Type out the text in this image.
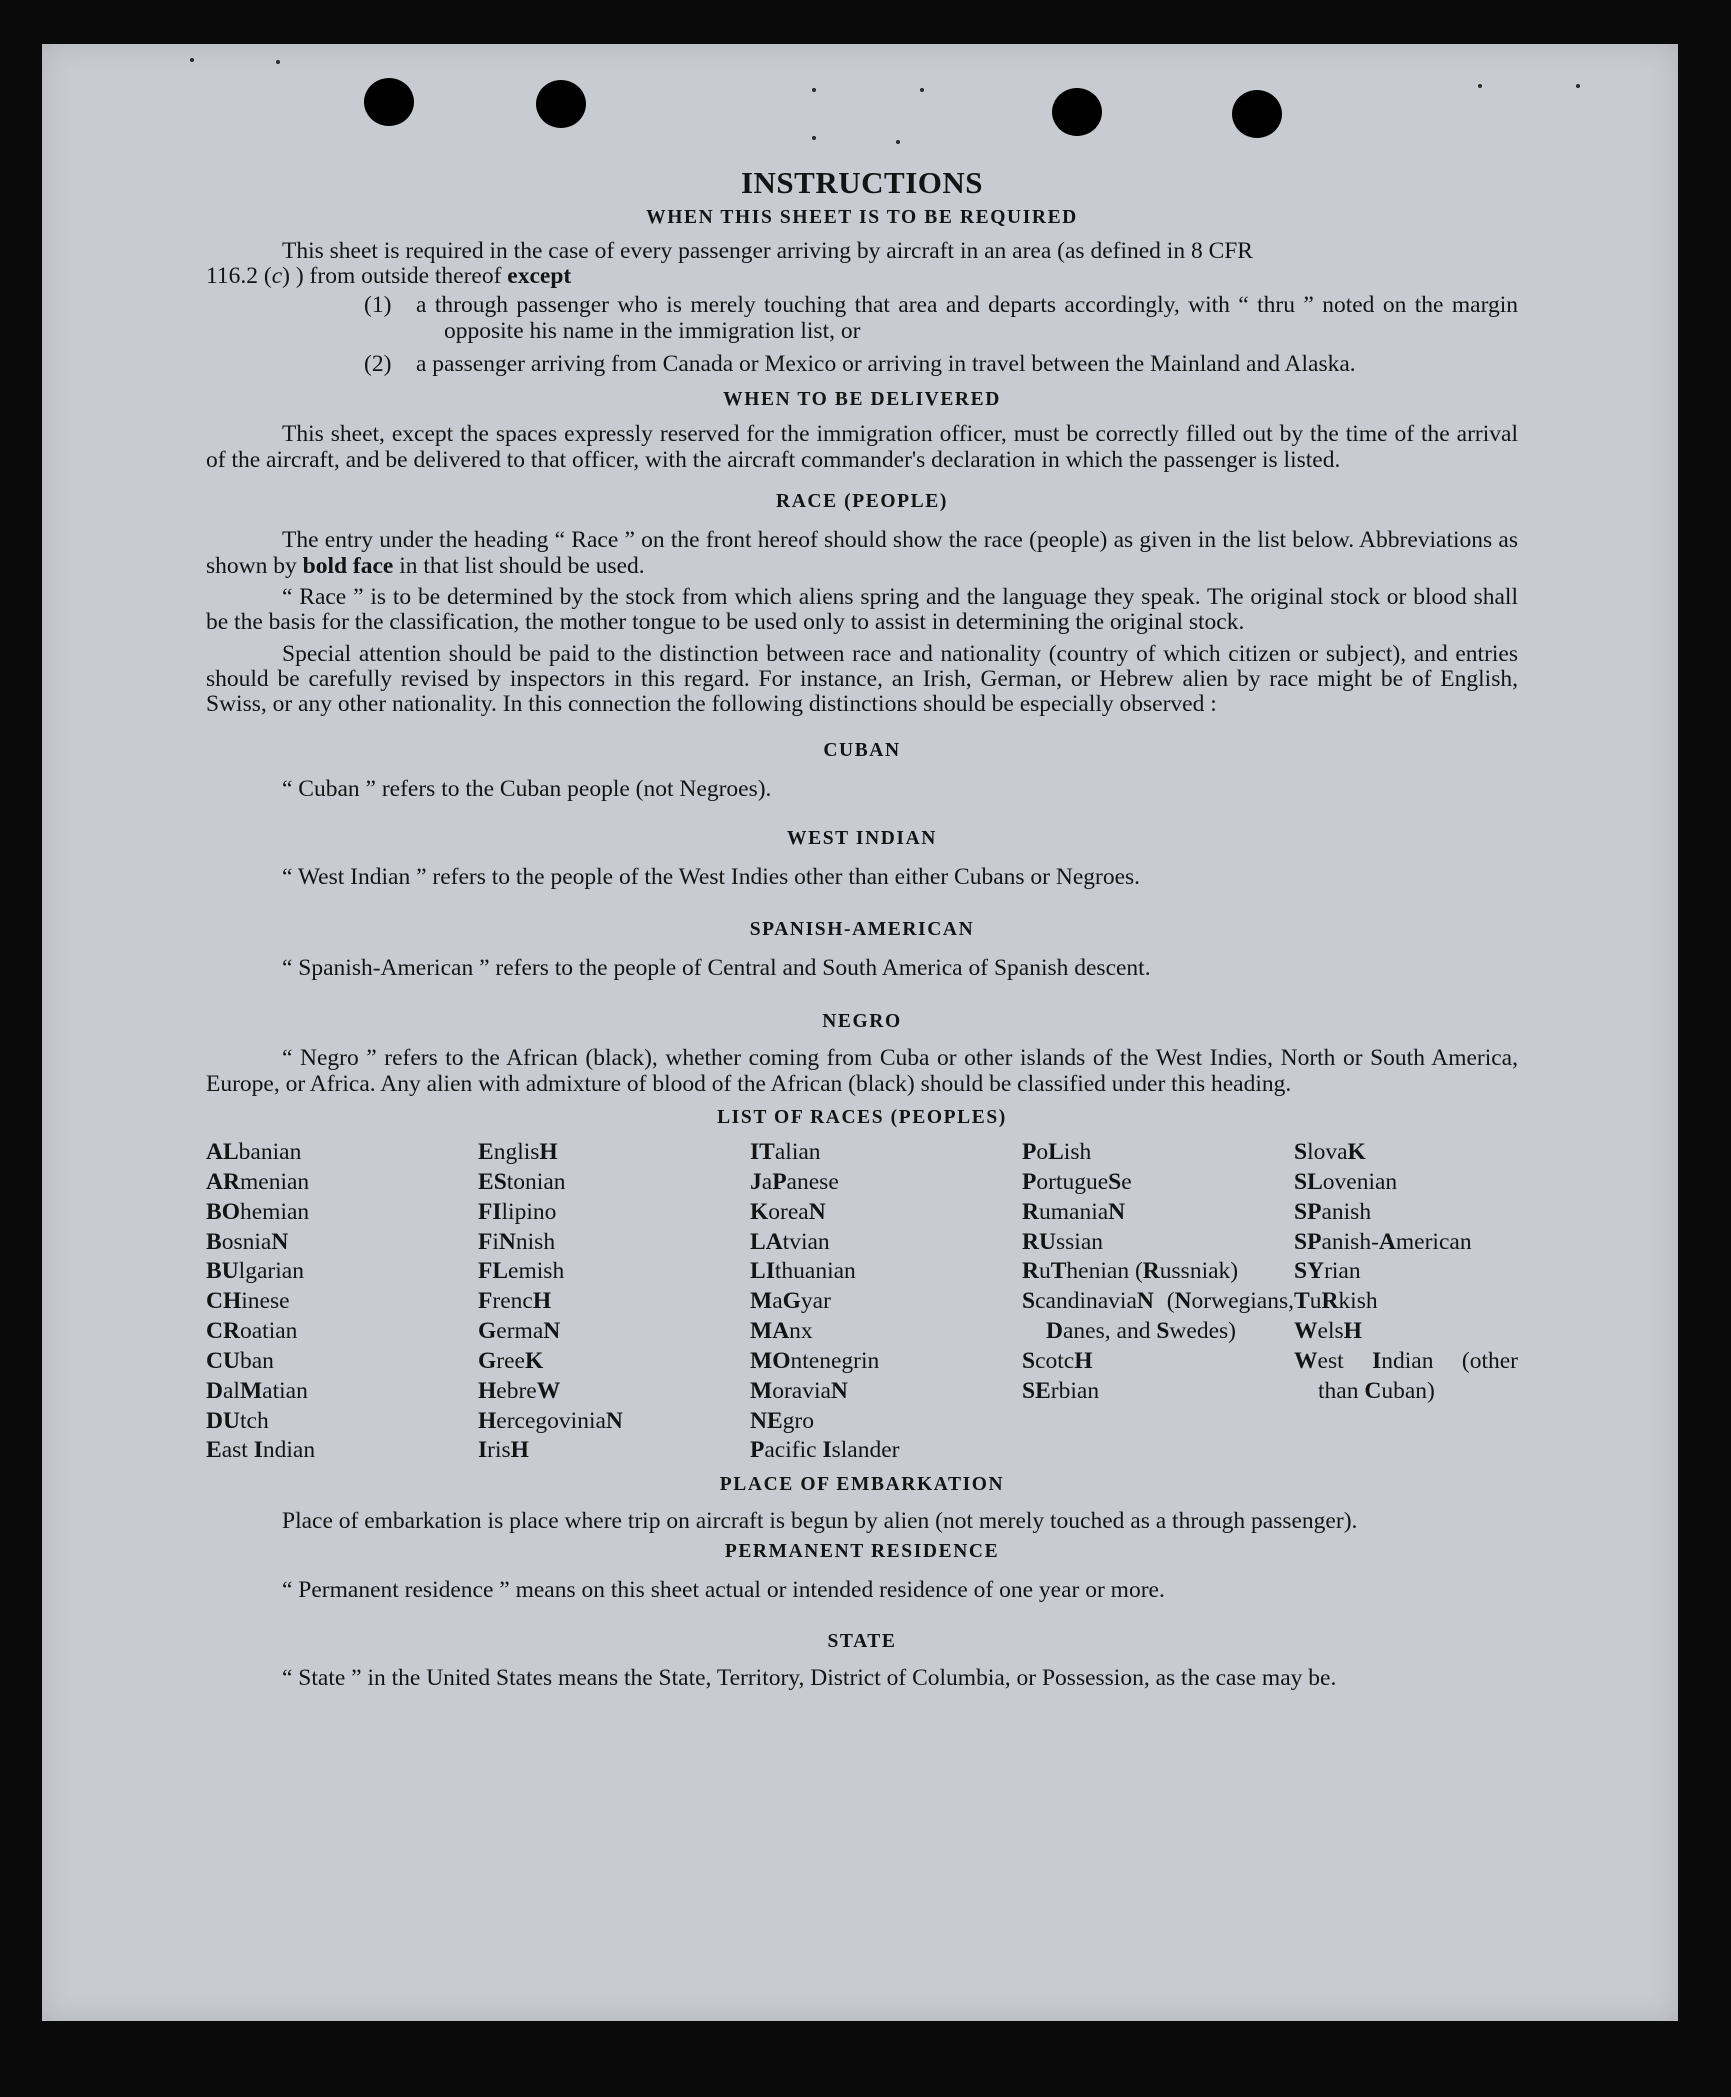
INSTRUCTIONS
WHEN THIS SHEET IS TO BE REQUIRED

This sheet is required in the case of every passenger arriving by aircraft in an area (as defined in 8 CFR

116.2 (c) ) from outside thereof except

(1)	a through passenger who is merely touching that area and departs accordingly, with “ thru ” noted on the margin opposite his name in the immigration list, or
(2)	a passenger arriving from Canada or Mexico or arriving in travel between the Mainland and Alaska.
WHEN TO BE DELIVERED

This sheet, except the spaces expressly reserved for the immigration officer, must be correctly filled out by the time of the arrival of the aircraft, and be delivered to that officer, with the aircraft commander's declaration in which the passenger is listed.

RACE (PEOPLE)

The entry under the heading “ Race ” on the front hereof should show the race (people) as given in the list below. Abbreviations as shown by bold face in that list should be used.

“ Race ” is to be determined by the stock from which aliens spring and the language they speak. The original stock or blood shall be the basis for the classification, the mother tongue to be used only to assist in determining the original stock.

Special attention should be paid to the distinction between race and nationality (country of which citizen or subject), and entries should be carefully revised by inspectors in this regard. For instance, an Irish, German, or Hebrew alien by race might be of English, Swiss, or any other nationality. In this connection the following distinctions should be especially observed :

CUBAN

“ Cuban ” refers to the Cuban people (not Negroes).

WEST INDIAN

“ West Indian ” refers to the people of the West Indies other than either Cubans or Negroes.

SPANISH-AMERICAN

“ Spanish-American ” refers to the people of Central and South America of Spanish descent.

NEGRO

“ Negro ” refers to the African (black), whether coming from Cuba or other islands of the West Indies, North or South America, Europe, or Africa. Any alien with admixture of blood of the African (black) should be classified under this heading.

LIST OF RACES (PEOPLES)
ALbanian
ARmenian
BOhemian
BosniaN
BUlgarian
CHinese
CRoatian
CUban
DalMatian
DUtch
East Indian
EnglisH
EStonian
FIlipino
FiNnish
FLemish
FrencH
GermaN
GreeK
HebreW
HercegoviniaN
IrisH
ITalian
JaPanese
KoreaN
LAtvian
LIthuanian
MaGyar
MAnx
MOntenegrin
MoraviaN
NEgro
Pacific Islander
PoLish
PortugueSe
RumaniaN
RUssian
RuThenian (Russniak)
ScandinaviaN (Norwegians, Danes, and Swedes)
ScotcH
SErbian
SlovaK
SLovenian
SPanish
SPanish-American
SYrian
TuRkish
WelsH
West Indian (other than Cuban)
PLACE OF EMBARKATION

Place of embarkation is place where trip on aircraft is begun by alien (not merely touched as a through passenger).

PERMANENT RESIDENCE

“ Permanent residence ” means on this sheet actual or intended residence of one year or more.

STATE

“ State ” in the United States means the State, Territory, District of Columbia, or Possession, as the case may be.
